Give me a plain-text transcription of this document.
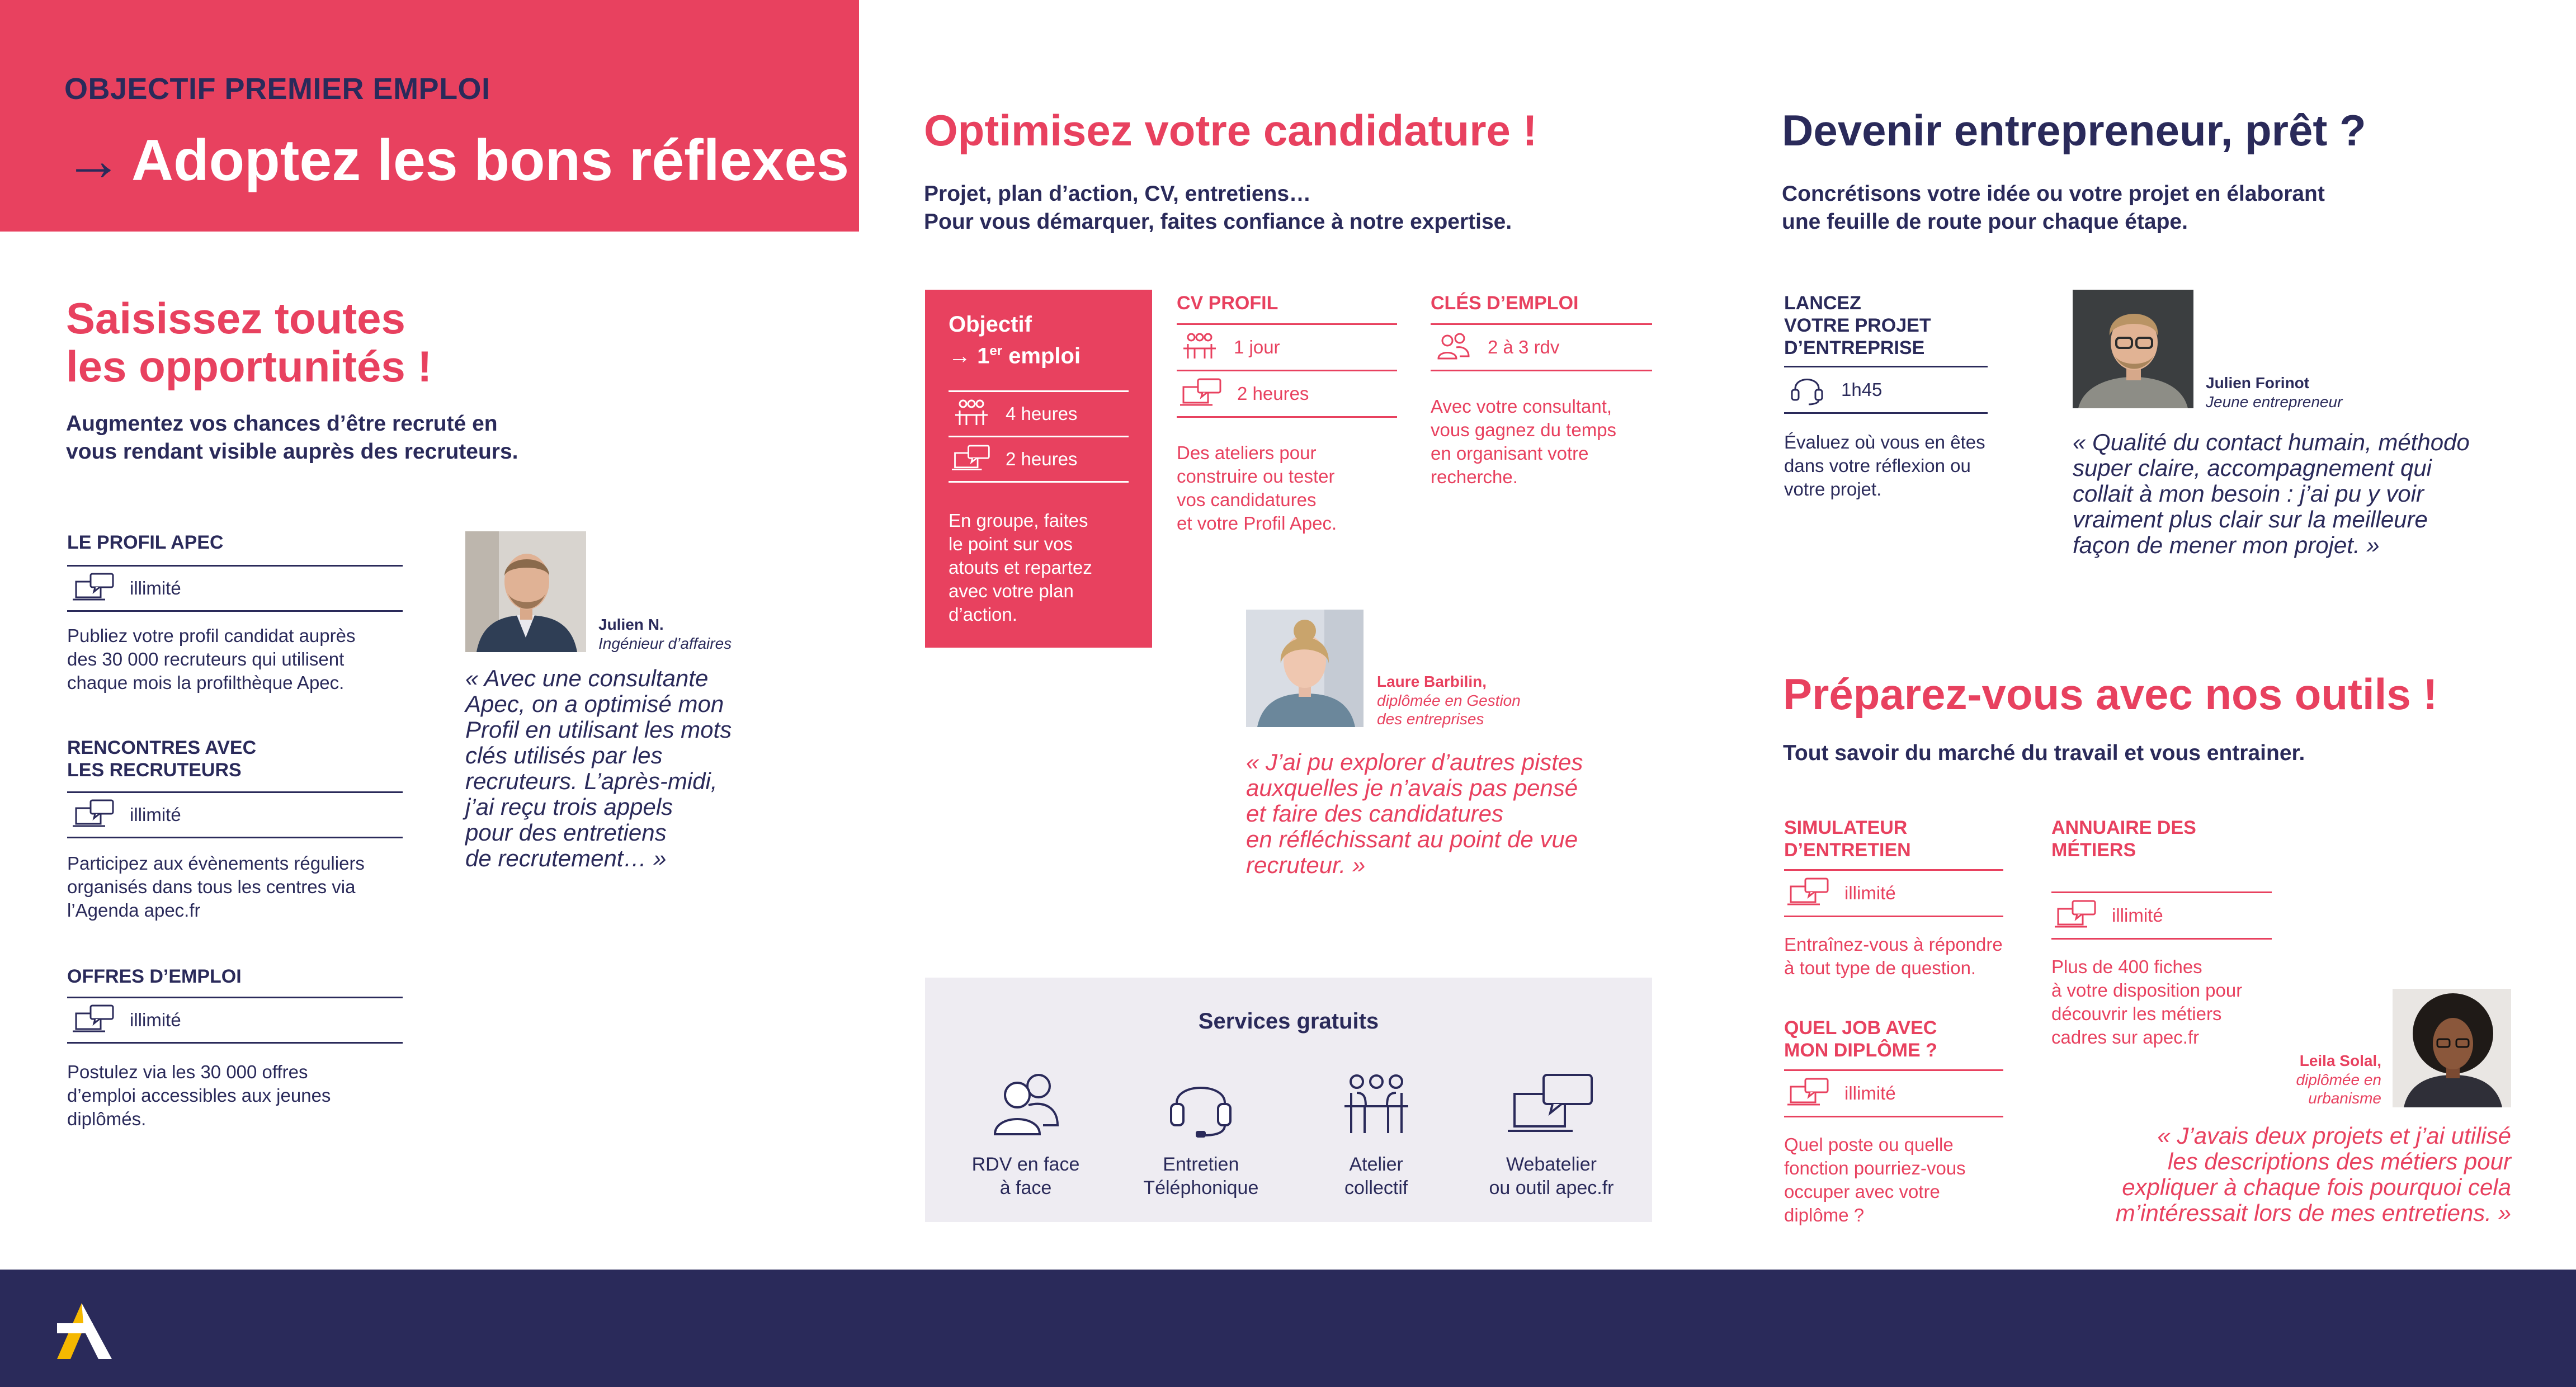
OBJECTIF PREMIER EMPLOI
→ Adoptez les bons réflexes !
Saisissez toutes
les opportunités !
Augmentez vos chances d’être recruté en
vous rendant visible auprès des recruteurs.
LE PROFIL APEC
illimité
Publiez votre profil candidat auprès
des 30 000 recruteurs qui utilisent
chaque mois la profilthèque Apec.
RENCONTRES AVEC
LES RECRUTEURS
illimité
Participez aux évènements réguliers
organisés dans tous les centres via
l’Agenda apec.fr
OFFRES D’EMPLOI
illimité
Postulez via les 30 000 offres
d’emploi accessibles aux jeunes
diplômés.
Julien N.
Ingénieur d’affaires
« Avec une consultante
Apec, on a optimisé mon
Profil en utilisant les mots
clés utilisés par les
recruteurs. L’après-midi,
j’ai reçu trois appels
pour des entretiens
de recrutement… »
Optimisez votre candidature !
Projet, plan d’action, CV, entretiens…
Pour vous démarquer, faites confiance à notre expertise.
Objectif
→ 1er emploi
4 heures
2 heures
En groupe, faites
le point sur vos
atouts et repartez
avec votre plan
d’action.
CV PROFIL
1 jour
2 heures
Des ateliers pour
construire ou tester
vos candidatures
et votre Profil Apec.
CLÉS D’EMPLOI
2 à 3 rdv
Avec votre consultant,
vous gagnez du temps
en organisant votre
recherche.
Laure Barbilin,
diplômée en Gestion
des entreprises
« J’ai pu explorer d’autres pistes
auxquelles je n’avais pas pensé
et faire des candidatures
en réfléchissant au point de vue
recruteur. »
Services gratuits
RDV en face
à face
Entretien
Téléphonique
Atelier
collectif
Webatelier
ou outil apec.fr
Devenir entrepreneur, prêt ?
Concrétisons votre idée ou votre projet en élaborant
une feuille de route pour chaque étape.
LANCEZ
VOTRE PROJET
D’ENTREPRISE
1h45
Évaluez où vous en êtes
dans votre réflexion ou
votre projet.
Julien Forinot
Jeune entrepreneur
« Qualité du contact humain, méthodo
super claire, accompagnement qui
collait à mon besoin : j’ai pu y voir
vraiment plus clair sur la meilleure
façon de mener mon projet. »
Préparez-vous avec nos outils !
Tout savoir du marché du travail et vous entrainer.
SIMULATEUR
D’ENTRETIEN
illimité
Entraînez-vous à répondre
à tout type de question.
ANNUAIRE DES MÉTIERS
illimité
Plus de 400 fiches
à votre disposition pour
découvrir les métiers
cadres sur apec.fr
QUEL JOB AVEC
MON DIPLÔME ?
illimité
Quel poste ou quelle
fonction pourriez-vous
occuper avec votre
diplôme ?
Leila Solal,
diplômée en
urbanisme
« J’avais deux projets et j’ai utilisé
les descriptions des métiers pour
expliquer à chaque fois pourquoi cela
m’intéressait lors de mes entretiens. »
